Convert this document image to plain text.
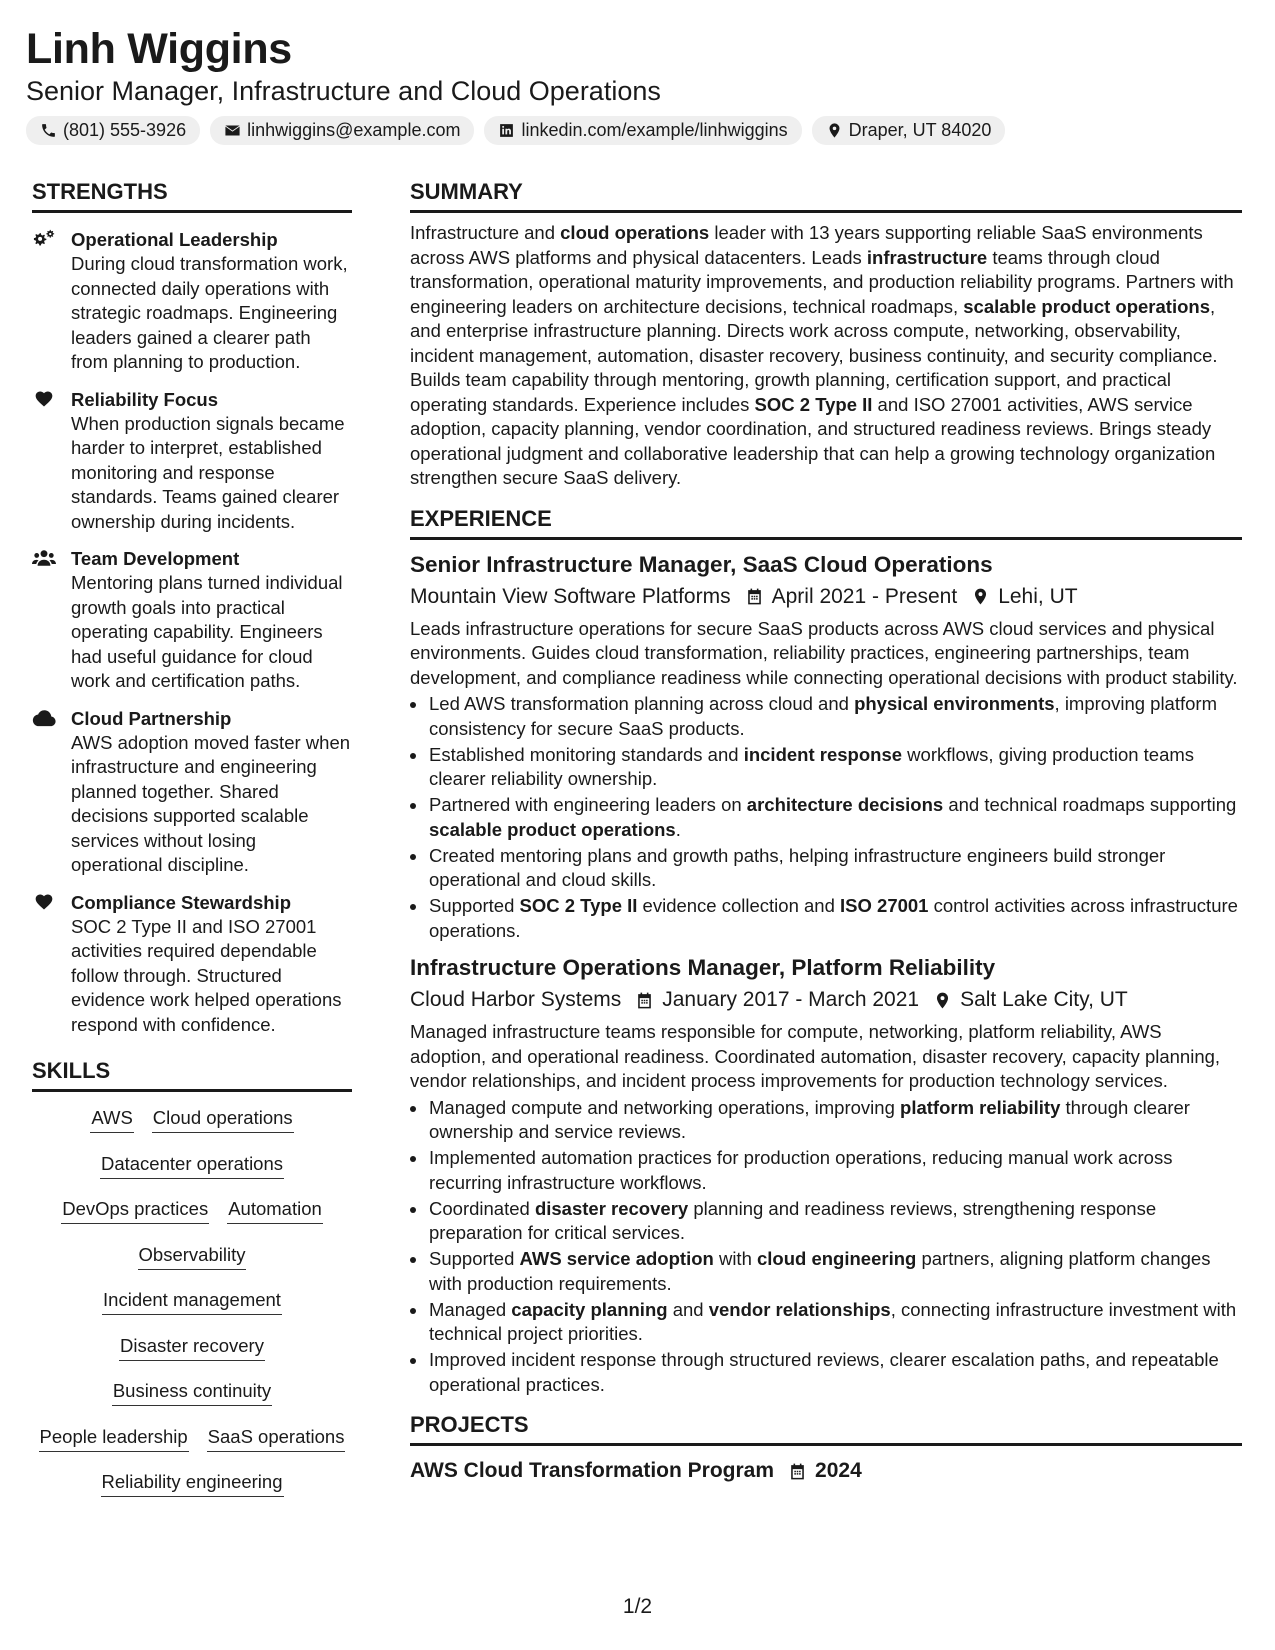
Linh Wiggins
Senior Manager, Infrastructure and Cloud Operations
(801) 555-3926	linhwiggins@example.com	linkedin.com/example/linhwiggins	Draper, UT 84020
STRENGTHS
Operational Leadership
During cloud transformation work, connected daily operations with strategic roadmaps. Engineering leaders gained a clearer path from planning to production.
Reliability Focus
When production signals became harder to interpret, established monitoring and response standards. Teams gained clearer ownership during incidents.
Team Development
Mentoring plans turned individual growth goals into practical operating capability. Engineers had useful guidance for cloud work and certification paths.
Cloud Partnership
AWS adoption moved faster when infrastructure and engineering planned together. Shared decisions supported scalable services without losing operational discipline.
Compliance Stewardship
SOC 2 Type II and ISO 27001 activities required dependable follow through. Structured evidence work helped operations respond with confidence.
SKILLS
AWS Cloud operations
Datacenter operations
DevOps practices Automation
Observability
Incident management
Disaster recovery
Business continuity
People leadership SaaS operations
Reliability engineering
SUMMARY

Infrastructure and cloud operations leader with 13 years supporting reliable SaaS environments across AWS platforms and physical datacenters. Leads infrastructure teams through cloud transformation, operational maturity improvements, and production reliability programs. Partners with engineering leaders on architecture decisions, technical roadmaps, scalable product operations, and enterprise infrastructure planning. Directs work across compute, networking, observability, incident management, automation, disaster recovery, business continuity, and security compliance. Builds team capability through mentoring, growth planning, certification support, and practical operating standards. Experience includes SOC 2 Type II and ISO 27001 activities, AWS service adoption, capacity planning, vendor coordination, and structured readiness reviews. Brings steady operational judgment and collaborative leadership that can help a growing technology organization strengthen secure SaaS delivery.

EXPERIENCE
Senior Infrastructure Manager, SaaS Cloud Operations
Mountain View Software Platforms April 2021 - Present Lehi, UT

Leads infrastructure operations for secure SaaS products across AWS cloud services and physical environments. Guides cloud transformation, reliability practices, engineering partnerships, team development, and compliance readiness while connecting operational decisions with product stability.

• Led AWS transformation planning across cloud and physical environments, improving platform consistency for secure SaaS products.
• Established monitoring standards and incident response workflows, giving production teams clearer reliability ownership.
• Partnered with engineering leaders on architecture decisions and technical roadmaps supporting scalable product operations.
• Created mentoring plans and growth paths, helping infrastructure engineers build stronger operational and cloud skills.
• Supported SOC 2 Type II evidence collection and ISO 27001 control activities across infrastructure operations.
Infrastructure Operations Manager, Platform Reliability
Cloud Harbor Systems January 2017 - March 2021 Salt Lake City, UT

Managed infrastructure teams responsible for compute, networking, platform reliability, AWS adoption, and operational readiness. Coordinated automation, disaster recovery, capacity planning, vendor relationships, and incident process improvements for production technology services.

• Managed compute and networking operations, improving platform reliability through clearer ownership and service reviews.
• Implemented automation practices for production operations, reducing manual work across recurring infrastructure workflows.
• Coordinated disaster recovery planning and readiness reviews, strengthening response preparation for critical services.
• Supported AWS service adoption with cloud engineering partners, aligning platform changes with production requirements.
• Managed capacity planning and vendor relationships, connecting infrastructure investment with technical project priorities.
• Improved incident response through structured reviews, clearer escalation paths, and repeatable operational practices.
PROJECTS
AWS Cloud Transformation Program 2024
1/2
